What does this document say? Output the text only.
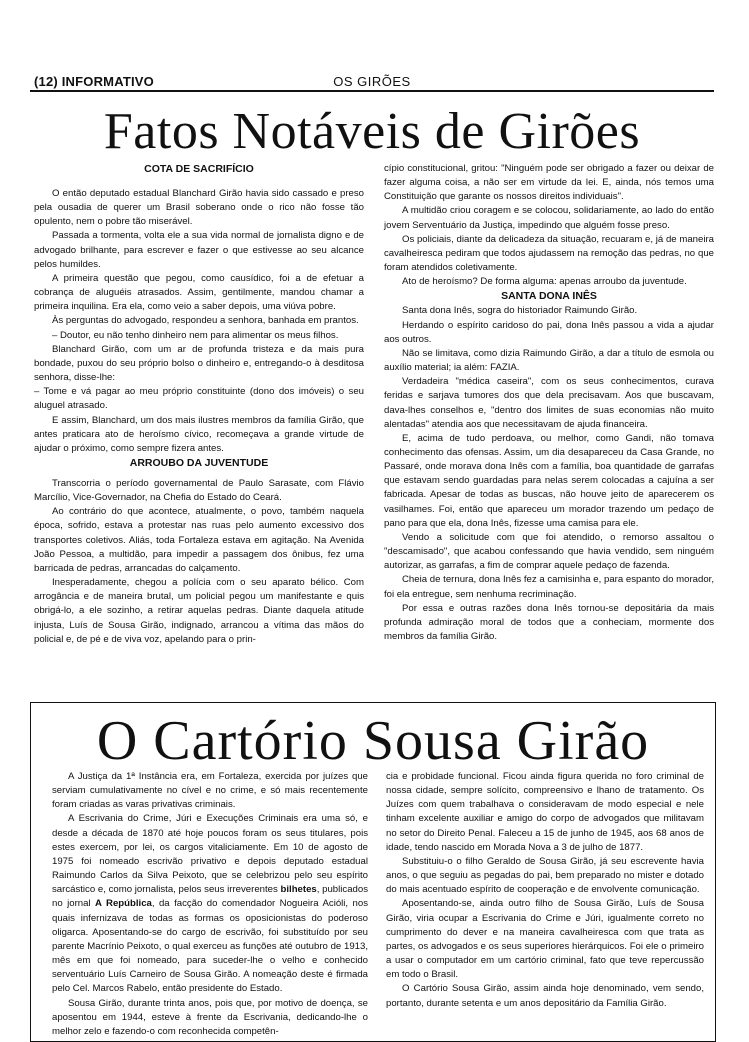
(12) INFORMATIVO	OS GIRÕES
Fatos Notáveis de Girões
COTA DE SACRIFÍCIO

O então deputado estadual Blanchard Girão havia sido cassado e preso pela ousadia de querer um Brasil soberano onde o rico não fosse tão opulento, nem o pobre tão miserável.

Passada a tormenta, volta ele a sua vida normal de jornalista digno e de advogado brilhante, para escrever e fazer o que estivesse ao seu alcance pelos humildes.

A primeira questão que pegou, como causídico, foi a de efetuar a cobrança de aluguéis atrasados. Assim, gentilmente, mandou chamar a primeira inquilina. Era ela, como veio a saber depois, uma viúva pobre.

Às perguntas do advogado, respondeu a senhora, banhada em prantos.

– Doutor, eu não tenho dinheiro nem para alimentar os meus filhos.

Blanchard Girão, com um ar de profunda tristeza e da mais pura bondade, puxou do seu próprio bolso o dinheiro e, entregando-o à desditosa senhora, disse-lhe:

– Tome e vá pagar ao meu próprio constituinte (dono dos imóveis) o seu aluguel atrasado.

E assim, Blanchard, um dos mais ilustres membros da família Girão, que antes praticara ato de heroísmo cívico, recomeçava a grande virtude de ajudar o próximo, como sempre fizera antes.

ARROUBO DA JUVENTUDE

Transcorria o período governamental de Paulo Sarasate, com Flávio Marcílio, Vice-Governador, na Chefia do Estado do Ceará.

Ao contrário do que acontece, atualmente, o povo, também naquela época, sofrido, estava a protestar nas ruas pelo aumento excessivo dos transportes coletivos. Aliás, toda Fortaleza estava em agitação. Na Avenida João Pessoa, a multidão, para impedir a passagem dos ônibus, fez uma barricada de pedras, arrancadas do calçamento.

Inesperadamente, chegou a polícia com o seu aparato bélico. Com arrogância e de maneira brutal, um policial pegou um manifestante e quis obrigá-lo, a ele sozinho, a retirar aquelas pedras. Diante daquela atitude injusta, Luís de Sousa Girão, indignado, arrancou a vítima das mãos do policial e, de pé e de viva voz, apelando para o prin-

cípio constitucional, gritou: "Ninguém pode ser obrigado a fazer ou deixar de fazer alguma coisa, a não ser em virtude da lei. E, ainda, nós temos uma Constituição que garante os nossos direitos individuais".

A multidão criou coragem e se colocou, solidariamente, ao lado do então jovem Serventuário da Justiça, impedindo que alguém fosse preso.

Os policiais, diante da delicadeza da situação, recuaram e, já de maneira cavalheiresca pediram que todos ajudassem na remoção das pedras, no que foram atendidos coletivamente.

Ato de heroísmo? De forma alguma: apenas arroubo da juventude.

SANTA DONA INÊS

Santa dona Inês, sogra do historiador Raimundo Girão.

Herdando o espírito caridoso do pai, dona Inês passou a vida a ajudar aos outros.

Não se limitava, como dizia Raimundo Girão, a dar a título de esmola ou auxílio material; ia além: FAZIA.

Verdadeira "médica caseira", com os seus conhecimentos, curava feridas e sarjava tumores dos que dela precisavam. Aos que buscavam, dava-lhes conselhos e, "dentro dos limites de suas economias não muito alentadas" atendia aos que necessitavam de ajuda financeira.

E, acima de tudo perdoava, ou melhor, como Gandi, não tomava conhecimento das ofensas. Assim, um dia desapareceu da Casa Grande, no Passaré, onde morava dona Inês com a família, boa quantidade de garrafas que estavam sendo guardadas para nelas serem colocadas a cajuína a ser fabricada. Apesar de todas as buscas, não houve jeito de aparecerem os vasilhames. Foi, então que apareceu um morador trazendo um pedaço de pano para que ela, dona Inês, fizesse uma camisa para ele.

Vendo a solicitude com que foi atendido, o remorso assaltou o "descamisado", que acabou confessando que havia vendido, sem ninguém autorizar, as garrafas, a fim de comprar aquele pedaço de fazenda.

Cheia de ternura, dona Inês fez a camisinha e, para espanto do morador, foi ela entregue, sem nenhuma recriminação.

Por essa e outras razões dona Inês tornou-se depositária da mais profunda admiração moral de todos que a conheciam, mormente dos membros da família Girão.

O Cartório Sousa Girão

A Justiça da 1ª Instância era, em Fortaleza, exercida por juízes que serviam cumulativamente no cível e no crime, e só mais recentemente foram criadas as varas privativas criminais.

A Escrivania do Crime, Júri e Execuções Criminais era uma só, e desde a década de 1870 até hoje poucos foram os seus titulares, pois estes exercem, por lei, os cargos vitaliciamente. Em 10 de agosto de 1975 foi nomeado escrivão privativo e depois deputado estadual Raimundo Carlos da Silva Peixoto, que se celebrizou pelo seu espírito sarcástico e, como jornalista, pelos seus irreverentes bilhetes, publicados no jornal A República, da facção do comendador Nogueira Acióli, nos quais infernizava de todas as formas os oposicionistas do poderoso oligarca. Aposentando-se do cargo de escrivão, foi substituído por seu parente Macrínio Peixoto, o qual exerceu as funções até outubro de 1913, mês em que foi nomeado, para suceder-lhe o velho e conhecido serventuário Luís Carneiro de Sousa Girão. A nomeação deste é firmada pelo Cel. Marcos Rabelo, então presidente do Estado.

Sousa Girão, durante trinta anos, pois que, por motivo de doença, se aposentou em 1944, esteve à frente da Escrivania, dedicando-lhe o melhor zelo e fazendo-o com reconhecida competên-

cia e probidade funcional. Ficou ainda figura querida no foro criminal de nossa cidade, sempre solícito, compreensivo e lhano de tratamento. Os Juízes com quem trabalhava o consideravam de modo especial e nele tinham excelente auxiliar e amigo do corpo de advogados que militavam no setor do Direito Penal. Faleceu a 15 de junho de 1945, aos 68 anos de idade, tendo nascido em Morada Nova a 3 de julho de 1877.

Substituiu-o o filho Geraldo de Sousa Girão, já seu escrevente havia anos, o que seguiu as pegadas do pai, bem preparado no mister e dotado do mais acentuado espírito de cooperação e de envolvente comunicação.

Aposentando-se, ainda outro filho de Sousa Girão, Luís de Sousa Girão, viria ocupar a Escrivania do Crime e Júri, igualmente correto no cumprimento do dever e na maneira cavalheiresca com que trata as partes, os advogados e os seus superiores hierárquicos. Foi ele o primeiro a usar o computador em um cartório criminal, fato que teve repercussão em todo o Brasil.

O Cartório Sousa Girão, assim ainda hoje denominado, vem sendo, portanto, durante setenta e um anos depositário da Família Girão.
